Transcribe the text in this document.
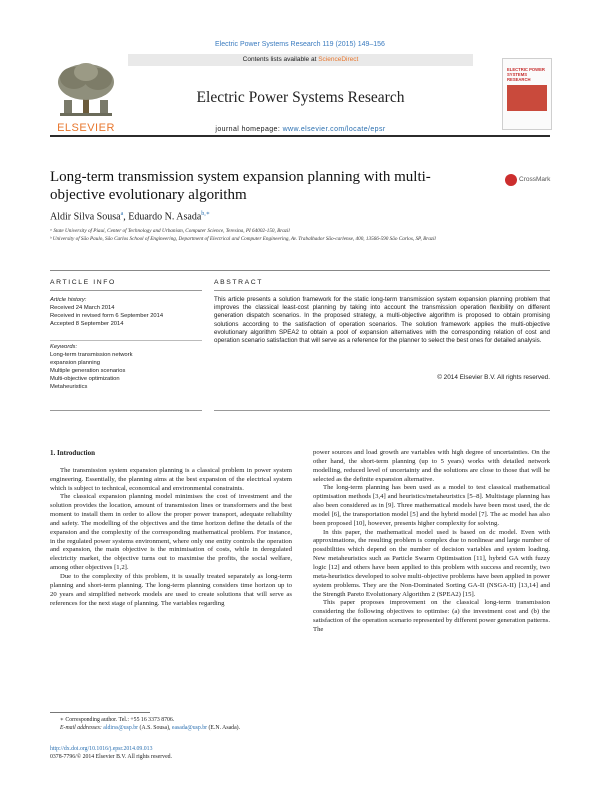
Electric Power Systems Research 119 (2015) 149–156
ELSEVIER
Contents lists available at ScienceDirect
Electric Power Systems Research
journal homepage: www.elsevier.com/locate/epsr
ELECTRIC POWER SYSTEMS RESEARCH
Long-term transmission system expansion planning with multi-objective evolutionary algorithm
CrossMark
Aldir Silva Sousa$^a$, Eduardo N. Asada$^{b,∗}$
ᵃ State University of Piauí, Center of Technology and Urbanism, Computer Science, Teresina, PI 64002-150, Brazil
ᵇ University of São Paulo, São Carlos School of Engineering, Department of Electrical and Computer Engineering, Av. Trabalhador São-carlense, 400, 13566-590 São Carlos, SP, Brazil
ARTICLE INFO	ABSTRACT
Article history:
Received 24 March 2014
Received in revised form 6 September 2014
Accepted 8 September 2014
Keywords:
Long-term transmission network
expansion planning
Multiple generation scenarios
Multi-objective optimization
Metaheuristics
This article presents a solution framework for the static long-term transmission system expansion planning problem that improves the classical least-cost planning by taking into account the transmission operation flexibility on different generation dispatch scenarios. In the proposed strategy, a multi-objective algorithm is proposed to obtain promising solutions according to the satisfaction of operation scenarios. The solution framework applies the multi-objective evolutionary algorithm SPEA2 to obtain a pool of expansion alternatives with the corresponding relation of cost and operation scenario satisfaction that will serve as a reference for the planner to select the best ones for detailed analysis.
© 2014 Elsevier B.V. All rights reserved.

1. Introduction

The transmission system expansion planning is a classical problem in power system engineering. Essentially, the planning aims at the best expansion of the electrical system which is subject to technical, economical and environmental constraints.

The classical expansion planning model minimises the cost of investment and the solution provides the location, amount of transmission lines or transformers and the best moment to install them in order to allow the proper power transport, adequate reliability and safety. The modelling of the objectives and the time horizon define the details of the expansion and the complexity of the corresponding mathematical problem. For instance, in the regulated power systems environment, where only one entity controls the operation and expansion, the main objective is the minimisation of costs, while in deregulated electricity market, the objective turns out to maximise the profits, the social welfare, among other objectives [1,2].

Due to the complexity of this problem, it is usually treated separately as long-term planning and short-term planning. The long-term planning considers time horizon up to 20 years and simplified network models are used to create solutions that will serve as references for the next stage of planning. The variables regarding

power sources and load growth are variables with high degree of uncertainties. On the other hand, the short-term planning (up to 5 years) works with detailed network modelling, reduced level of uncertainty and the solutions are close to those that will be selected as the definite expansion alternative.

The long-term planning has been used as a model to test classical mathematical optimisation methods [3,4] and heuristics/metaheuristics [5–8]. Multistage planning has also been considered as in [9]. Three mathematical models have been most used, the dc model [6], the transportation model [5] and the hybrid model [7]. The ac model has also been proposed [10], however, presents higher complexity for solving.

In this paper, the mathematical model used is based on dc model. Even with approximations, the resulting problem is complex due to nonlinear and large number of possibilities which depend on the number of decision variables and system loading. New metaheuristics such as Particle Swarm Optimisation [11], hybrid GA with fuzzy logic [12] and others have been applied to this problem with success and recently, two meta-heuristics developed to solve multi-objective problems have been applied in power system problems. They are the Non-Dominated Sorting GA-II (NSGA-II) [13,14] and the Strength Pareto Evolutionary Algorithm 2 (SPEA2) [15].

This paper proposes improvement on the classical long-term transmission considering the following objectives to optimise: (a) the investment cost and (b) the satisfaction of the operation scenario represented by different power generation patterns. The

∗ Corresponding author. Tel.: +55 16 3373 8706.
E-mail addresses: aldirss@usp.br (A.S. Sousa), easada@usp.br (E.N. Asada).
http://dx.doi.org/10.1016/j.epsr.2014.09.013
0378-7796/© 2014 Elsevier B.V. All rights reserved.
